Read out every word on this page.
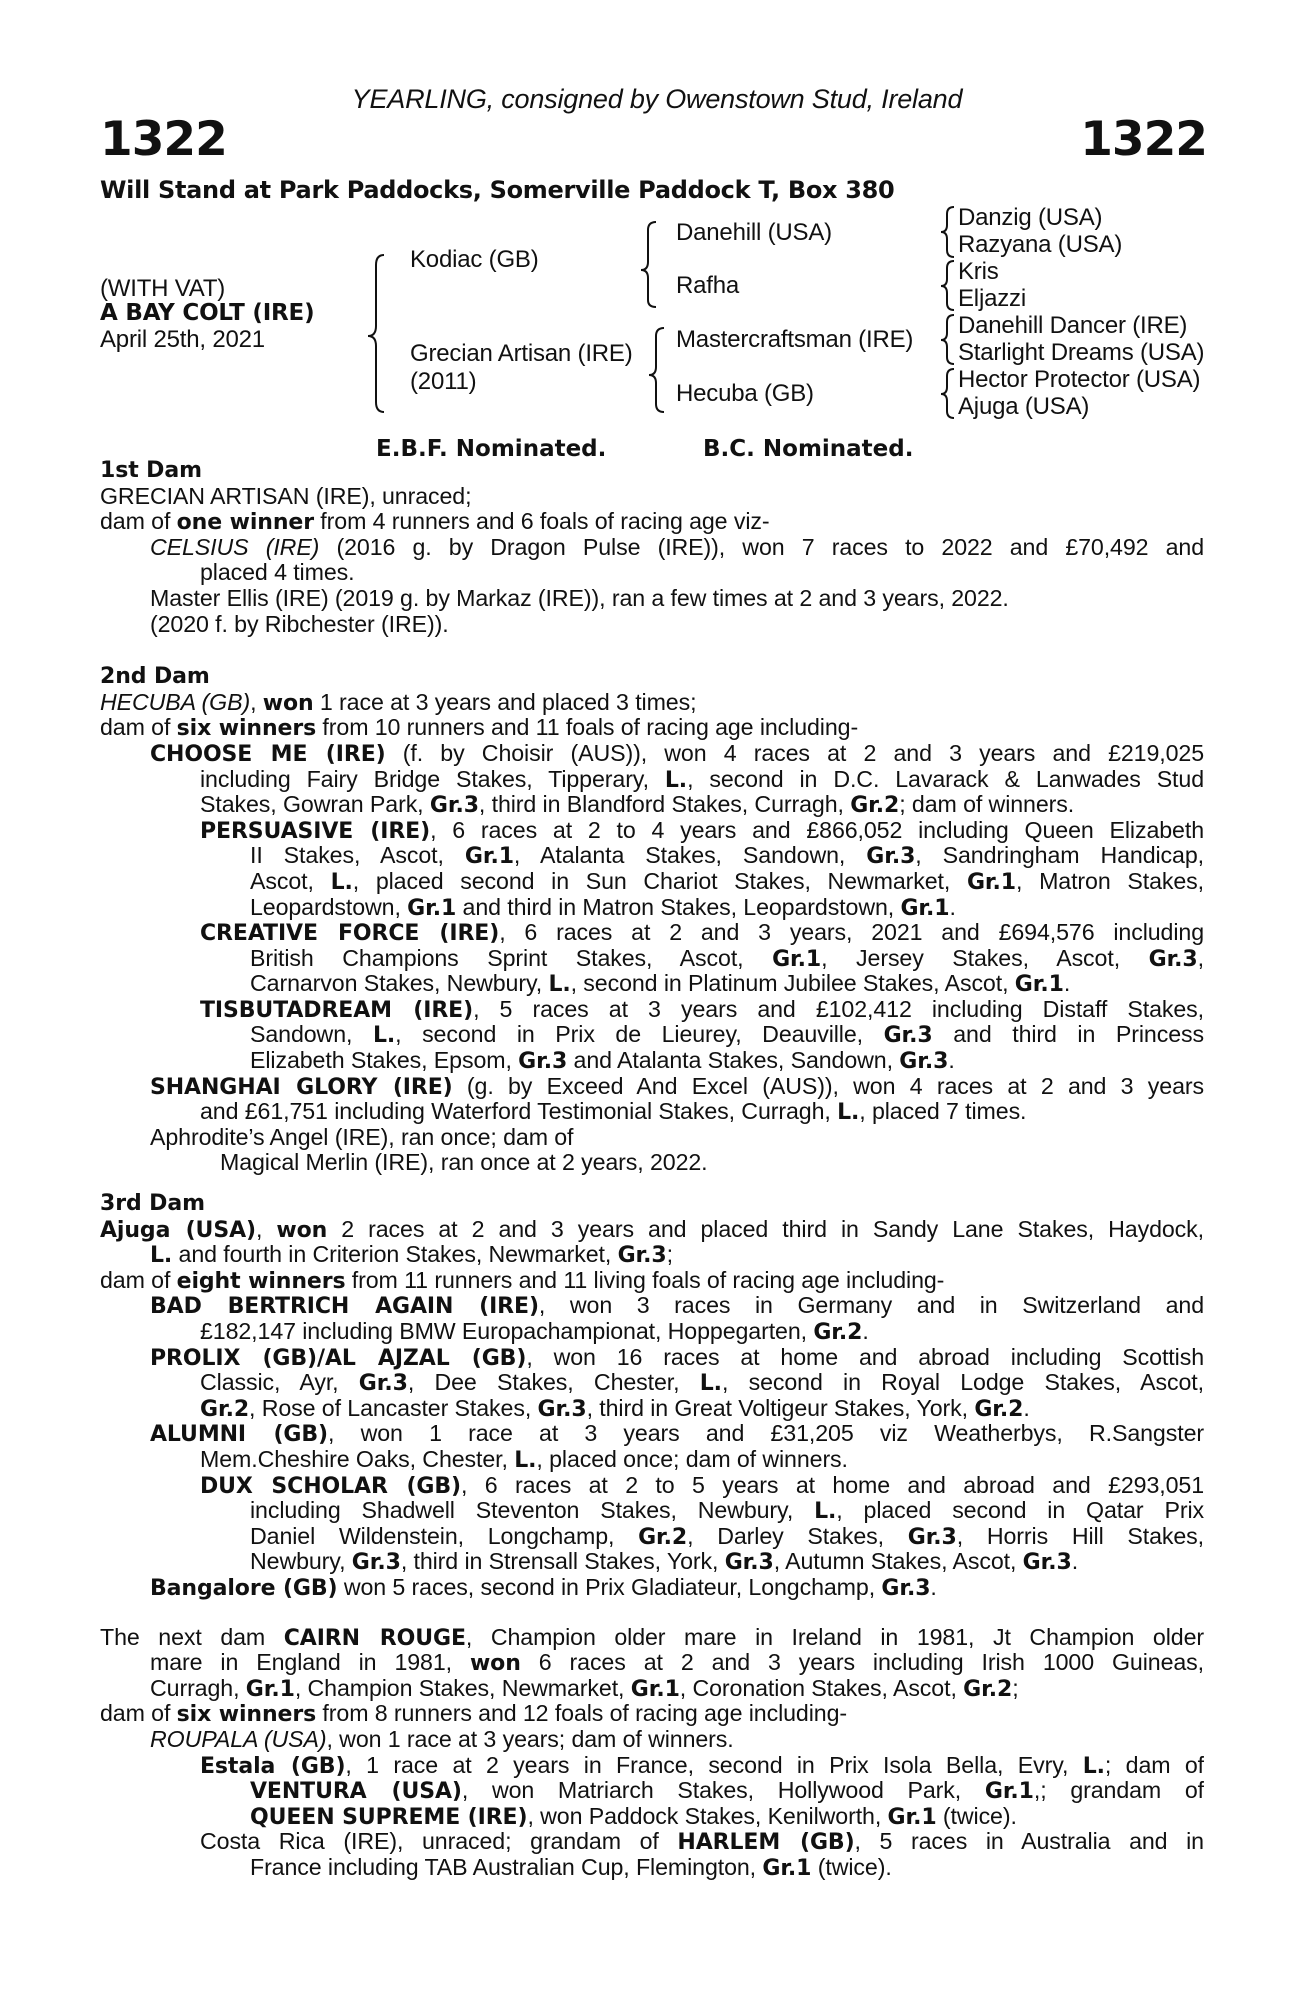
YEARLING, consigned by Owenstown Stud, Ireland
1322	1322
Will Stand at Park Paddocks, Somerville Paddock T, Box 380
(WITH VAT)
A BAY COLT (IRE)
April 25th, 2021
Kodiac (GB)
Grecian Artisan (IRE)
(2011)
Danehill (USA)
Rafha
Mastercraftsman (IRE)
Hecuba (GB)
Danzig (USA)
Razyana (USA)
Kris
Eljazzi
Danehill Dancer (IRE)
Starlight Dreams (USA)
Hector Protector (USA)
Ajuga (USA)
E.B.F. Nominated.	B.C. Nominated.
1st Dam
GRECIAN ARTISAN (IRE), unraced;
dam of one winner from 4 runners and 6 foals of racing age viz-
CELSIUS (IRE) (2016 g. by Dragon Pulse (IRE)), won 7 races to 2022 and £70,492 and
placed 4 times.
Master Ellis (IRE) (2019 g. by Markaz (IRE)), ran a few times at 2 and 3 years, 2022.
(2020 f. by Ribchester (IRE)).
2nd Dam
HECUBA (GB), won 1 race at 3 years and placed 3 times;
dam of six winners from 10 runners and 11 foals of racing age including-
CHOOSE ME (IRE) (f. by Choisir (AUS)), won 4 races at 2 and 3 years and £219,025
including Fairy Bridge Stakes, Tipperary, L., second in D.C. Lavarack & Lanwades Stud
Stakes, Gowran Park, Gr.3, third in Blandford Stakes, Curragh, Gr.2; dam of winners.
PERSUASIVE (IRE), 6 races at 2 to 4 years and £866,052 including Queen Elizabeth
II Stakes, Ascot, Gr.1, Atalanta Stakes, Sandown, Gr.3, Sandringham Handicap,
Ascot, L., placed second in Sun Chariot Stakes, Newmarket, Gr.1, Matron Stakes,
Leopardstown, Gr.1 and third in Matron Stakes, Leopardstown, Gr.1.
CREATIVE FORCE (IRE), 6 races at 2 and 3 years, 2021 and £694,576 including
British Champions Sprint Stakes, Ascot, Gr.1, Jersey Stakes, Ascot, Gr.3,
Carnarvon Stakes, Newbury, L., second in Platinum Jubilee Stakes, Ascot, Gr.1.
TISBUTADREAM (IRE), 5 races at 3 years and £102,412 including Distaff Stakes,
Sandown, L., second in Prix de Lieurey, Deauville, Gr.3 and third in Princess
Elizabeth Stakes, Epsom, Gr.3 and Atalanta Stakes, Sandown, Gr.3.
SHANGHAI GLORY (IRE) (g. by Exceed And Excel (AUS)), won 4 races at 2 and 3 years
and £61,751 including Waterford Testimonial Stakes, Curragh, L., placed 7 times.
Aphrodite’s Angel (IRE), ran once; dam of
Magical Merlin (IRE), ran once at 2 years, 2022.
3rd Dam
Ajuga (USA), won 2 races at 2 and 3 years and placed third in Sandy Lane Stakes, Haydock,
L. and fourth in Criterion Stakes, Newmarket, Gr.3;
dam of eight winners from 11 runners and 11 living foals of racing age including-
BAD BERTRICH AGAIN (IRE), won 3 races in Germany and in Switzerland and
£182,147 including BMW Europachampionat, Hoppegarten, Gr.2.
PROLIX (GB)/AL AJZAL (GB), won 16 races at home and abroad including Scottish
Classic, Ayr, Gr.3, Dee Stakes, Chester, L., second in Royal Lodge Stakes, Ascot,
Gr.2, Rose of Lancaster Stakes, Gr.3, third in Great Voltigeur Stakes, York, Gr.2.
ALUMNI (GB), won 1 race at 3 years and £31,205 viz Weatherbys, R.Sangster
Mem.Cheshire Oaks, Chester, L., placed once; dam of winners.
DUX SCHOLAR (GB), 6 races at 2 to 5 years at home and abroad and £293,051
including Shadwell Steventon Stakes, Newbury, L., placed second in Qatar Prix
Daniel Wildenstein, Longchamp, Gr.2, Darley Stakes, Gr.3, Horris Hill Stakes,
Newbury, Gr.3, third in Strensall Stakes, York, Gr.3, Autumn Stakes, Ascot, Gr.3.
Bangalore (GB) won 5 races, second in Prix Gladiateur, Longchamp, Gr.3.
The next dam CAIRN ROUGE, Champion older mare in Ireland in 1981, Jt Champion older
mare in England in 1981, won 6 races at 2 and 3 years including Irish 1000 Guineas,
Curragh, Gr.1, Champion Stakes, Newmarket, Gr.1, Coronation Stakes, Ascot, Gr.2;
dam of six winners from 8 runners and 12 foals of racing age including-
ROUPALA (USA), won 1 race at 3 years; dam of winners.
Estala (GB), 1 race at 2 years in France, second in Prix Isola Bella, Evry, L.; dam of
VENTURA (USA), won Matriarch Stakes, Hollywood Park, Gr.1,; grandam of
QUEEN SUPREME (IRE), won Paddock Stakes, Kenilworth, Gr.1 (twice).
Costa Rica (IRE), unraced; grandam of HARLEM (GB), 5 races in Australia and in
France including TAB Australian Cup, Flemington, Gr.1 (twice).
